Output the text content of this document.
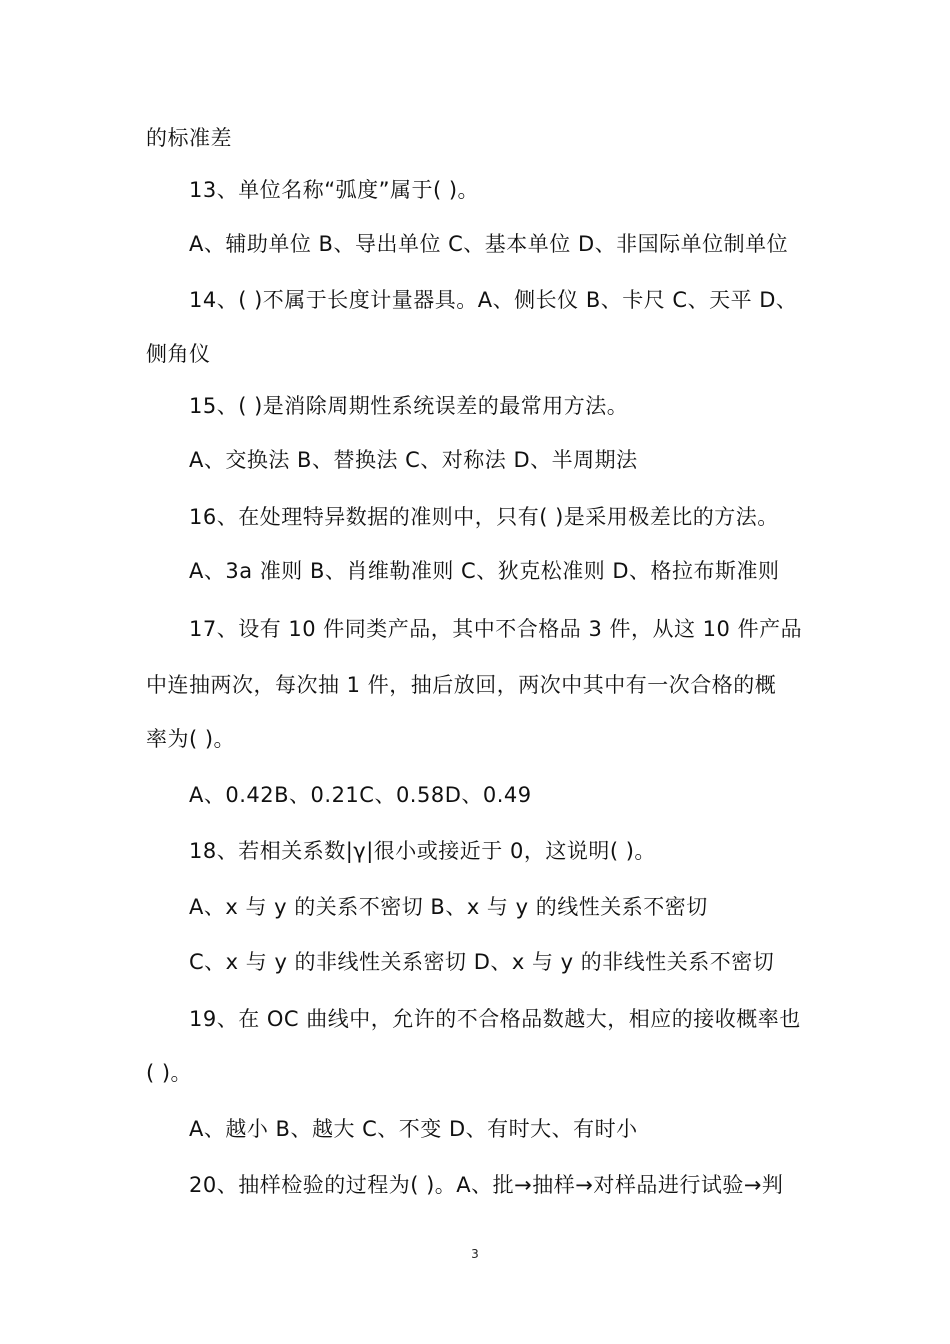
的标准差
13、单位名称“弧度”属于( )。
A、辅助单位 B、导出单位 C、基本单位 D、非国际单位制单位
14、( )不属于长度计量器具。A、侧长仪 B、卡尺 C、天平 D、
侧角仪
15、( )是消除周期性系统误差的最常用方法。
A、交换法 B、替换法 C、对称法 D、半周期法
16、在处理特异数据的准则中，只有( )是采用极差比的方法。
A、3a 准则 B、肖维勒准则 C、狄克松准则 D、格拉布斯准则
17、设有 10 件同类产品，其中不合格品 3 件，从这 10 件产品
中连抽两次，每次抽 1 件，抽后放回，两次中其中有一次合格的概
率为( )。
A、0.42B、0.21C、0.58D、0.49
18、若相关系数|γ|很小或接近于 0，这说明( )。
A、x 与 y 的关系不密切 B、x 与 y 的线性关系不密切
C、x 与 y 的非线性关系密切 D、x 与 y 的非线性关系不密切
19、在 OC 曲线中，允许的不合格品数越大，相应的接收概率也
( )。
A、越小 B、越大 C、不变 D、有时大、有时小
20、抽样检验的过程为( )。A、批→抽样→对样品进行试验→判
3
